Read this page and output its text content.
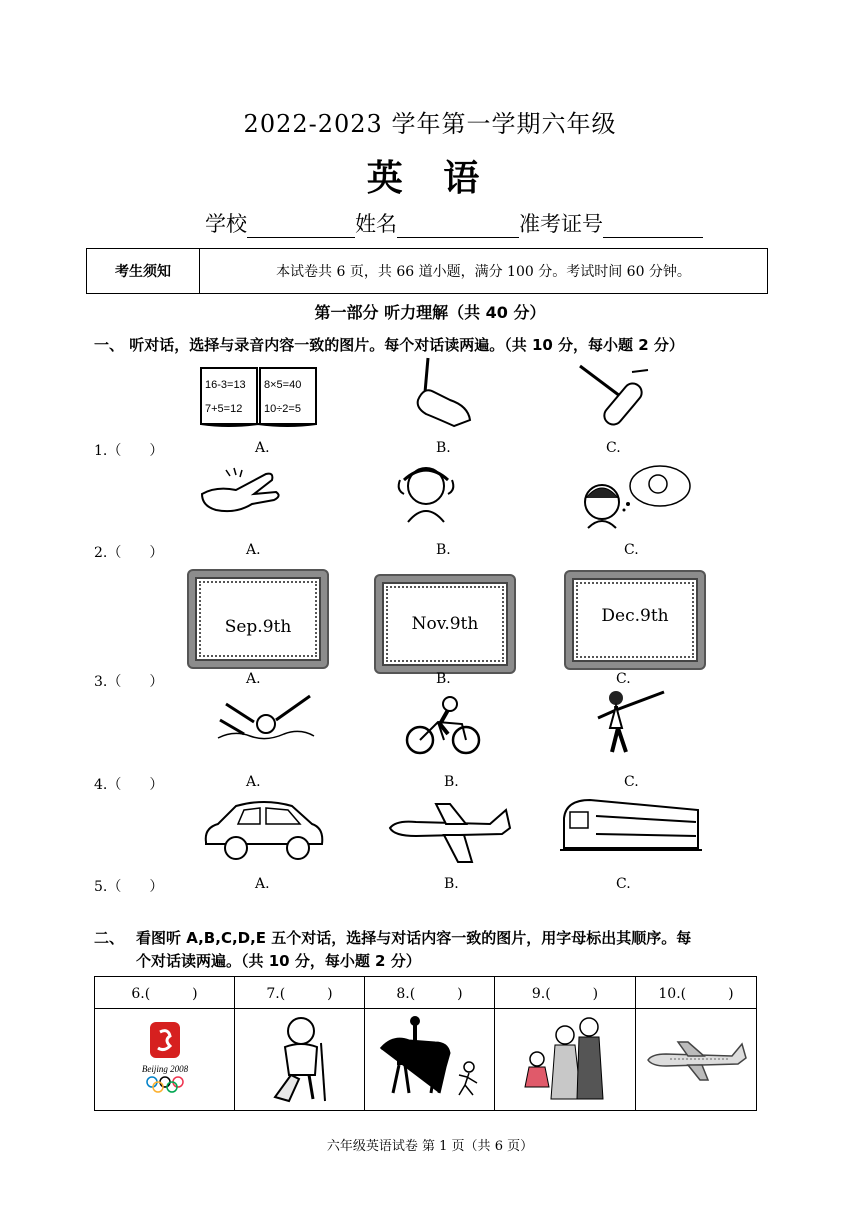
2022-2023 学年第一学期六年级
英 语
学校	姓名	准考证号
考生须知	本试卷共 6 页，共 66 道小题，满分 100 分。考试时间 60 分钟。
第一部分 听力理解（共 40 分）
一、 听对话，选择与录音内容一致的图片。每个对话读两遍。（共 10 分，每小题 2 分）
16-3=13 8×5=40
7+5=12 10÷2=5
1.（　　）	A.	B.	C.
2.（　　）	A.	B.	C.
Sep.9th	Nov.9th	Dec.9th
3.（　　）	A.	B.	C.
4.（　　）	A.	B.	C.
5.（　　）	A.	B.	C.
二、 看图听 A,B,C,D,E 五个对话，选择与对话内容一致的图片，用字母标出其顺序。每
个对话读两遍。（共 10 分，每小题 2 分）
6.(　　　)	7.(　　　)	8.(　　　)	9.(　　　)	10.(　　　)

Beijing 2008

六年级英语试卷 第 1 页（共 6 页）
